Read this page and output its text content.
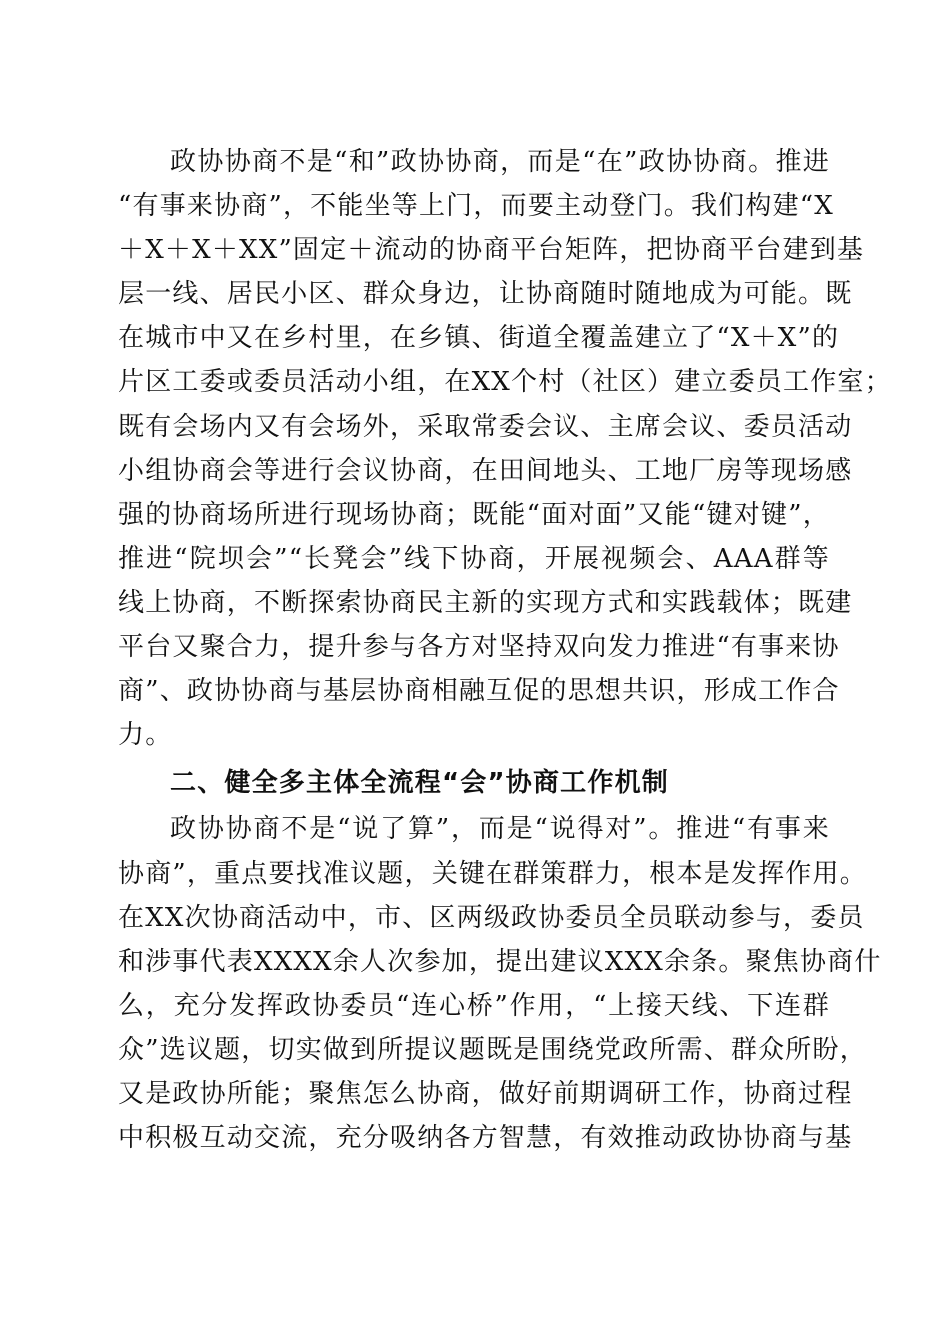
政协协商不是“和”政协协商，而是“在”政协协商。推进
“有事来协商”，不能坐等上门，而要主动登门。我们构建“X
＋X＋X＋XX”固定＋流动的协商平台矩阵，把协商平台建到基
层一线、居民小区、群众身边，让协商随时随地成为可能。既
在城市中又在乡村里，在乡镇、街道全覆盖建立了“X＋X”的
片区工委或委员活动小组，在XX个村（社区）建立委员工作室；
既有会场内又有会场外，采取常委会议、主席会议、委员活动
小组协商会等进行会议协商，在田间地头、工地厂房等现场感
强的协商场所进行现场协商；既能“面对面”又能“键对键”，
推进“院坝会”“长凳会”线下协商，开展视频会、AAA群等
线上协商，不断探索协商民主新的实现方式和实践载体；既建
平台又聚合力，提升参与各方对坚持双向发力推进“有事来协
商”、政协协商与基层协商相融互促的思想共识，形成工作合
力。
二、健全多主体全流程“会”协商工作机制
政协协商不是“说了算”，而是“说得对”。推进“有事来
协商”，重点要找准议题，关键在群策群力，根本是发挥作用。
在XX次协商活动中，市、区两级政协委员全员联动参与，委员
和涉事代表XXXX余人次参加，提出建议XXX余条。聚焦协商什
么，充分发挥政协委员“连心桥”作用，“上接天线、下连群
众”选议题，切实做到所提议题既是围绕党政所需、群众所盼，
又是政协所能；聚焦怎么协商，做好前期调研工作，协商过程
中积极互动交流，充分吸纳各方智慧，有效推动政协协商与基
